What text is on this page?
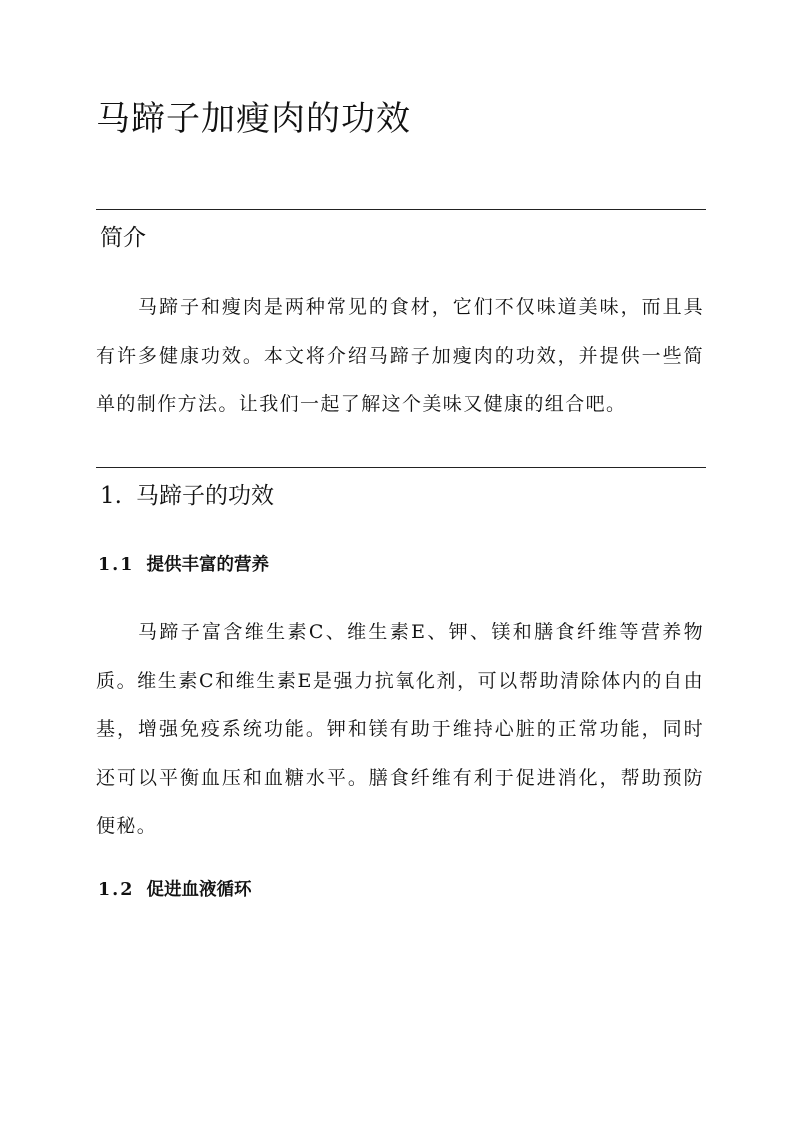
马蹄子加瘦肉的功效
简介

马蹄子和瘦肉是两种常见的食材，它们不仅味道美味，而且具有许多健康功效。本文将介绍马蹄子加瘦肉的功效，并提供一些简单的制作方法。让我们一起了解这个美味又健康的组合吧。

1. 马蹄子的功效
1.1 提供丰富的营养

马蹄子富含维生素C、维生素E、钾、镁和膳食纤维等营养物质。维生素C和维生素E是强力抗氧化剂，可以帮助清除体内的自由基，增强免疫系统功能。钾和镁有助于维持心脏的正常功能，同时还可以平衡血压和血糖水平。膳食纤维有利于促进消化，帮助预防便秘。

1.2 促进血液循环
